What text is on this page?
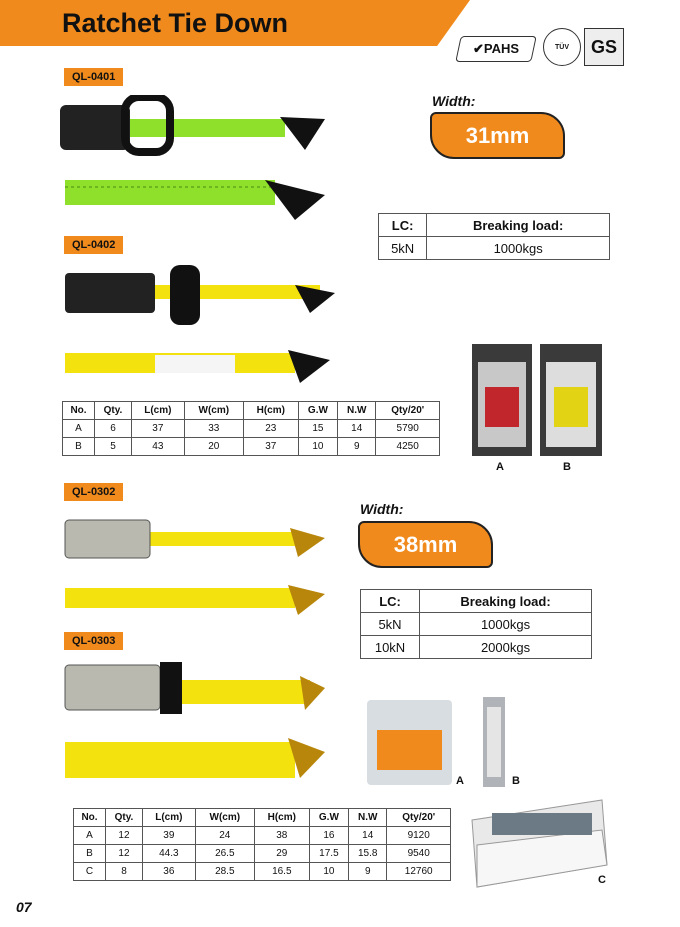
Ratchet Tie Down
✔PAHS	TÜV GS
QL-0401
QL-0402
Width:
31mm
LC:	Breaking load:
5kN	1000kgs
No.	Qty.	L(cm)	W(cm)	H(cm)	G.W	N.W	Qty/20'
A	6	37	33	23	15	14	5790
B	5	43	20	37	10	9	4250
A	B
QL-0302
QL-0303
Width:
38mm
LC:	Breaking load:
5kN	1000kgs
10kN	2000kgs
A	B
No.	Qty.	L(cm)	W(cm)	H(cm)	G.W	N.W	Qty/20'
A	12	39	24	38	16	14	9120
B	12	44.3	26.5	29	17.5	15.8	9540
C	8	36	28.5	16.5	10	9	12760
C
07
